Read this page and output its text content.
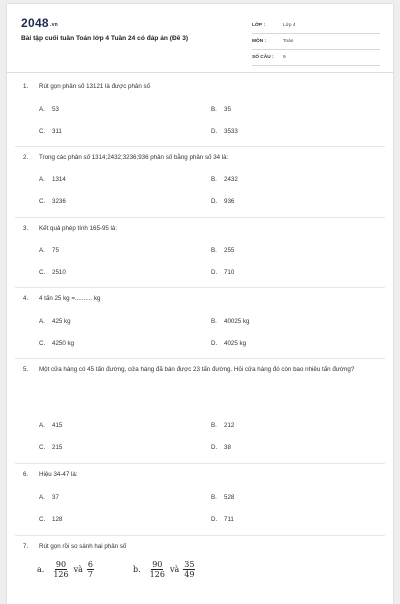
2048.vn
Bài tập cuối tuần Toán lớp 4 Tuần 24 có đáp án (Đề 3)
LỚP :	Lớp 4
MÔN :	Toán
SỐ CÂU :	9
1. Rút gọn phân số 13121 là được phân số
A. 53	B. 35
C. 311	D. 3533
2. Trong các phân số 1314;2432;3236;936 phân số bằng phân số 34 là:
A. 1314	B. 2432
C. 3236	D. 936
3. Kết quả phép tính 165-95 là:
A. 75	B. 255
C. 2510	D. 710
4. 4 tấn 25 kg =.......... kg
A. 425 kg	B. 40025 kg
C. 4250 kg	D. 4025 kg
5. Một cửa hàng có 45 tấn đường, cửa hàng đã bán được 23 tấn đường. Hỏi cửa hàng đó còn bao nhiêu tấn đường?
A. 415	B. 212
C. 215	D. 38
6. Hiệu 34-47 là:
A. 37	B. 528
C. 128	D. 711
7. Rút gọn rồi so sánh hai phân số
a. $\frac{90}{126}$ và $\frac{6}{7}$	b. $\frac{90}{126}$ và $\frac{35}{49}$
